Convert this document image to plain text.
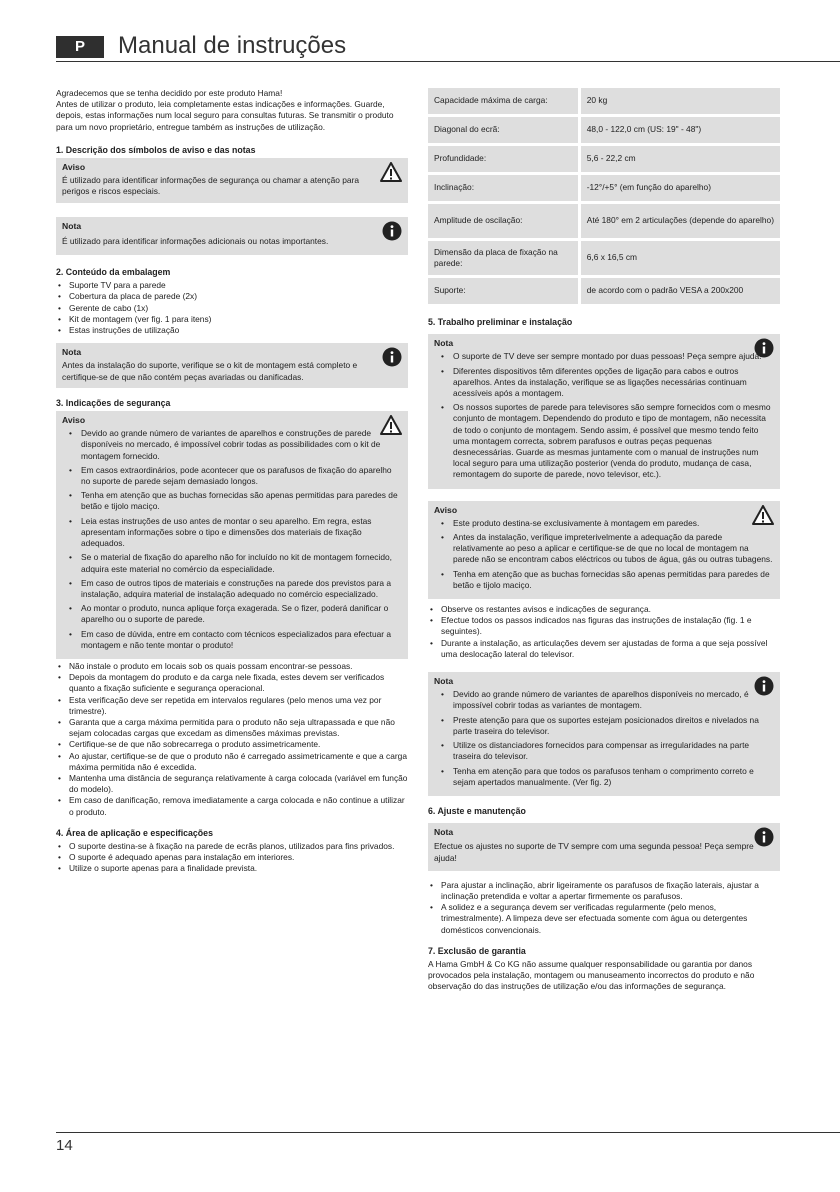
P	Manual de instruções

Agradecemos que se tenha decidido por este produto Hama!

Antes de utilizar o produto, leia completamente estas indicações e informações. Guarde, depois, estas informações num local seguro para consultas futuras. Se transmitir o produto para um novo proprietário, entregue também as instruções de utilização.

1. Descrição dos símbolos de aviso e das notas
Aviso

É utilizado para identificar informações de segurança ou chamar a atenção para perigos e riscos especiais.

Nota

É utilizado para identificar informações adicionais ou notas importantes.

2. Conteúdo da embalagem
• Suporte TV para a parede
• Cobertura da placa de parede (2x)
• Gerente de cabo (1x)
• Kit de montagem (ver fig. 1 para itens)
• Estas instruções de utilização
Nota

Antes da instalação do suporte, verifique se o kit de montagem está completo e certifique-se de que não contém peças avariadas ou danificadas.

3. Indicações de segurança
Aviso
• Devido ao grande número de variantes de aparelhos e construções de parede disponíveis no mercado, é impossível cobrir todas as possibilidades com o kit de montagem fornecido.
• Em casos extraordinários, pode acontecer que os parafusos de fixação do aparelho no suporte de parede sejam demasiado longos.
• Tenha em atenção que as buchas fornecidas são apenas permitidas para paredes de betão e tijolo maciço.
• Leia estas instruções de uso antes de montar o seu aparelho. Em regra, estas apresentam informações sobre o tipo e dimensões dos materiais de fixação adequados.
• Se o material de fixação do aparelho não for incluído no kit de montagem fornecido, adquira este material no comércio da especialidade.
• Em caso de outros tipos de materiais e construções na parede dos previstos para a instalação, adquira material de instalação adequado no comércio especializado.
• Ao montar o produto, nunca aplique força exagerada. Se o fizer, poderá danificar o aparelho ou o suporte de parede.
• Em caso de dúvida, entre em contacto com técnicos especializados para efectuar a montagem e não tente montar o produto!
• Não instale o produto em locais sob os quais possam encontrar-se pessoas.
• Depois da montagem do produto e da carga nele fixada, estes devem ser verificados quanto a fixação suficiente e segurança operacional.
• Esta verificação deve ser repetida em intervalos regulares (pelo menos uma vez por trimestre).
• Garanta que a carga máxima permitida para o produto não seja ultrapassada e que não sejam colocadas cargas que excedam as dimensões máximas previstas.
• Certifique-se de que não sobrecarrega o produto assimetricamente.
• Ao ajustar, certifique-se de que o produto não é carregado assimetricamente e que a carga máxima permitida não é excedida.
• Mantenha uma distância de segurança relativamente à carga colocada (variável em função do modelo).
• Em caso de danificação, remova imediatamente a carga colocada e não continue a utilizar o produto.
4. Área de aplicação e especificações
• O suporte destina-se à fixação na parede de ecrãs planos, utilizados para fins privados.
• O suporte é adequado apenas para instalação em interiores.
• Utilize o suporte apenas para a finalidade prevista.
Capacidade máxima de carga:	20 kg
Diagonal do ecrã:	48,0 - 122,0 cm (US: 19" - 48")
Profundidade:	5,6 - 22,2 cm
Inclinação:	-12°/+5° (em função do aparelho)
Amplitude de oscilação:	Até 180° em 2 articulações (depende do aparelho)
Dimensão da placa de fixação na parede:	6,6 x 16,5 cm
Suporte:	de acordo com o padrão VESA a 200x200
5. Trabalho preliminar e instalação
Nota
• O suporte de TV deve ser sempre montado por duas pessoas! Peça sempre ajuda!
• Diferentes dispositivos têm diferentes opções de ligação para cabos e outros aparelhos. Antes da instalação, verifique se as ligações necessárias continuam acessíveis após a montagem.
• Os nossos suportes de parede para televisores são sempre fornecidos com o mesmo conjunto de montagem. Dependendo do produto e tipo de montagem, não necessita de todo o conjunto de montagem. Sendo assim, é possível que mesmo tendo feito uma montagem correcta, sobrem parafusos e outras peças pequenas desnecessárias. Guarde as mesmas juntamente com o manual de instruções num local seguro para uma utilização posterior (venda do produto, mudança de casa, remontagem do suporte de parede, novo televisor, etc.).
Aviso
• Este produto destina-se exclusivamente à montagem em paredes.
• Antes da instalação, verifique impreterivelmente a adequação da parede relativamente ao peso a aplicar e certifique-se de que no local de montagem na parede não se encontram cabos eléctricos ou tubos de água, gás ou outras tubagens.
• Tenha em atenção que as buchas fornecidas são apenas permitidas para paredes de betão e tijolo maciço.
• Observe os restantes avisos e indicações de segurança.
• Efectue todos os passos indicados nas figuras das instruções de instalação (fig. 1 e seguintes).
• Durante a instalação, as articulações devem ser ajustadas de forma a que seja possível uma deslocação lateral do televisor.
Nota
• Devido ao grande número de variantes de aparelhos disponíveis no mercado, é impossível cobrir todas as variantes de montagem.
• Preste atenção para que os suportes estejam posicionados direitos e nivelados na parte traseira do televisor.
• Utilize os distanciadores fornecidos para compensar as irregularidades na parte traseira do televisor.
• Tenha em atenção para que todos os parafusos tenham o comprimento correto e sejam apertados manualmente. (Ver fig. 2)
6. Ajuste e manutenção
Nota

Efectue os ajustes no suporte de TV sempre com uma segunda pessoa! Peça sempre ajuda!

• Para ajustar a inclinação, abrir ligeiramente os parafusos de fixação laterais, ajustar a inclinação pretendida e voltar a apertar firmemente os parafusos.
• A solidez e a segurança devem ser verificadas regularmente (pelo menos, trimestralmente). A limpeza deve ser efectuada somente com água ou detergentes domésticos convencionais.
7. Exclusão de garantia

A Hama GmbH & Co KG não assume qualquer responsabilidade ou garantia por danos provocados pela instalação, montagem ou manuseamento incorrectos do produto e não observação do das instruções de utilização e/ou das informações de segurança.

14
